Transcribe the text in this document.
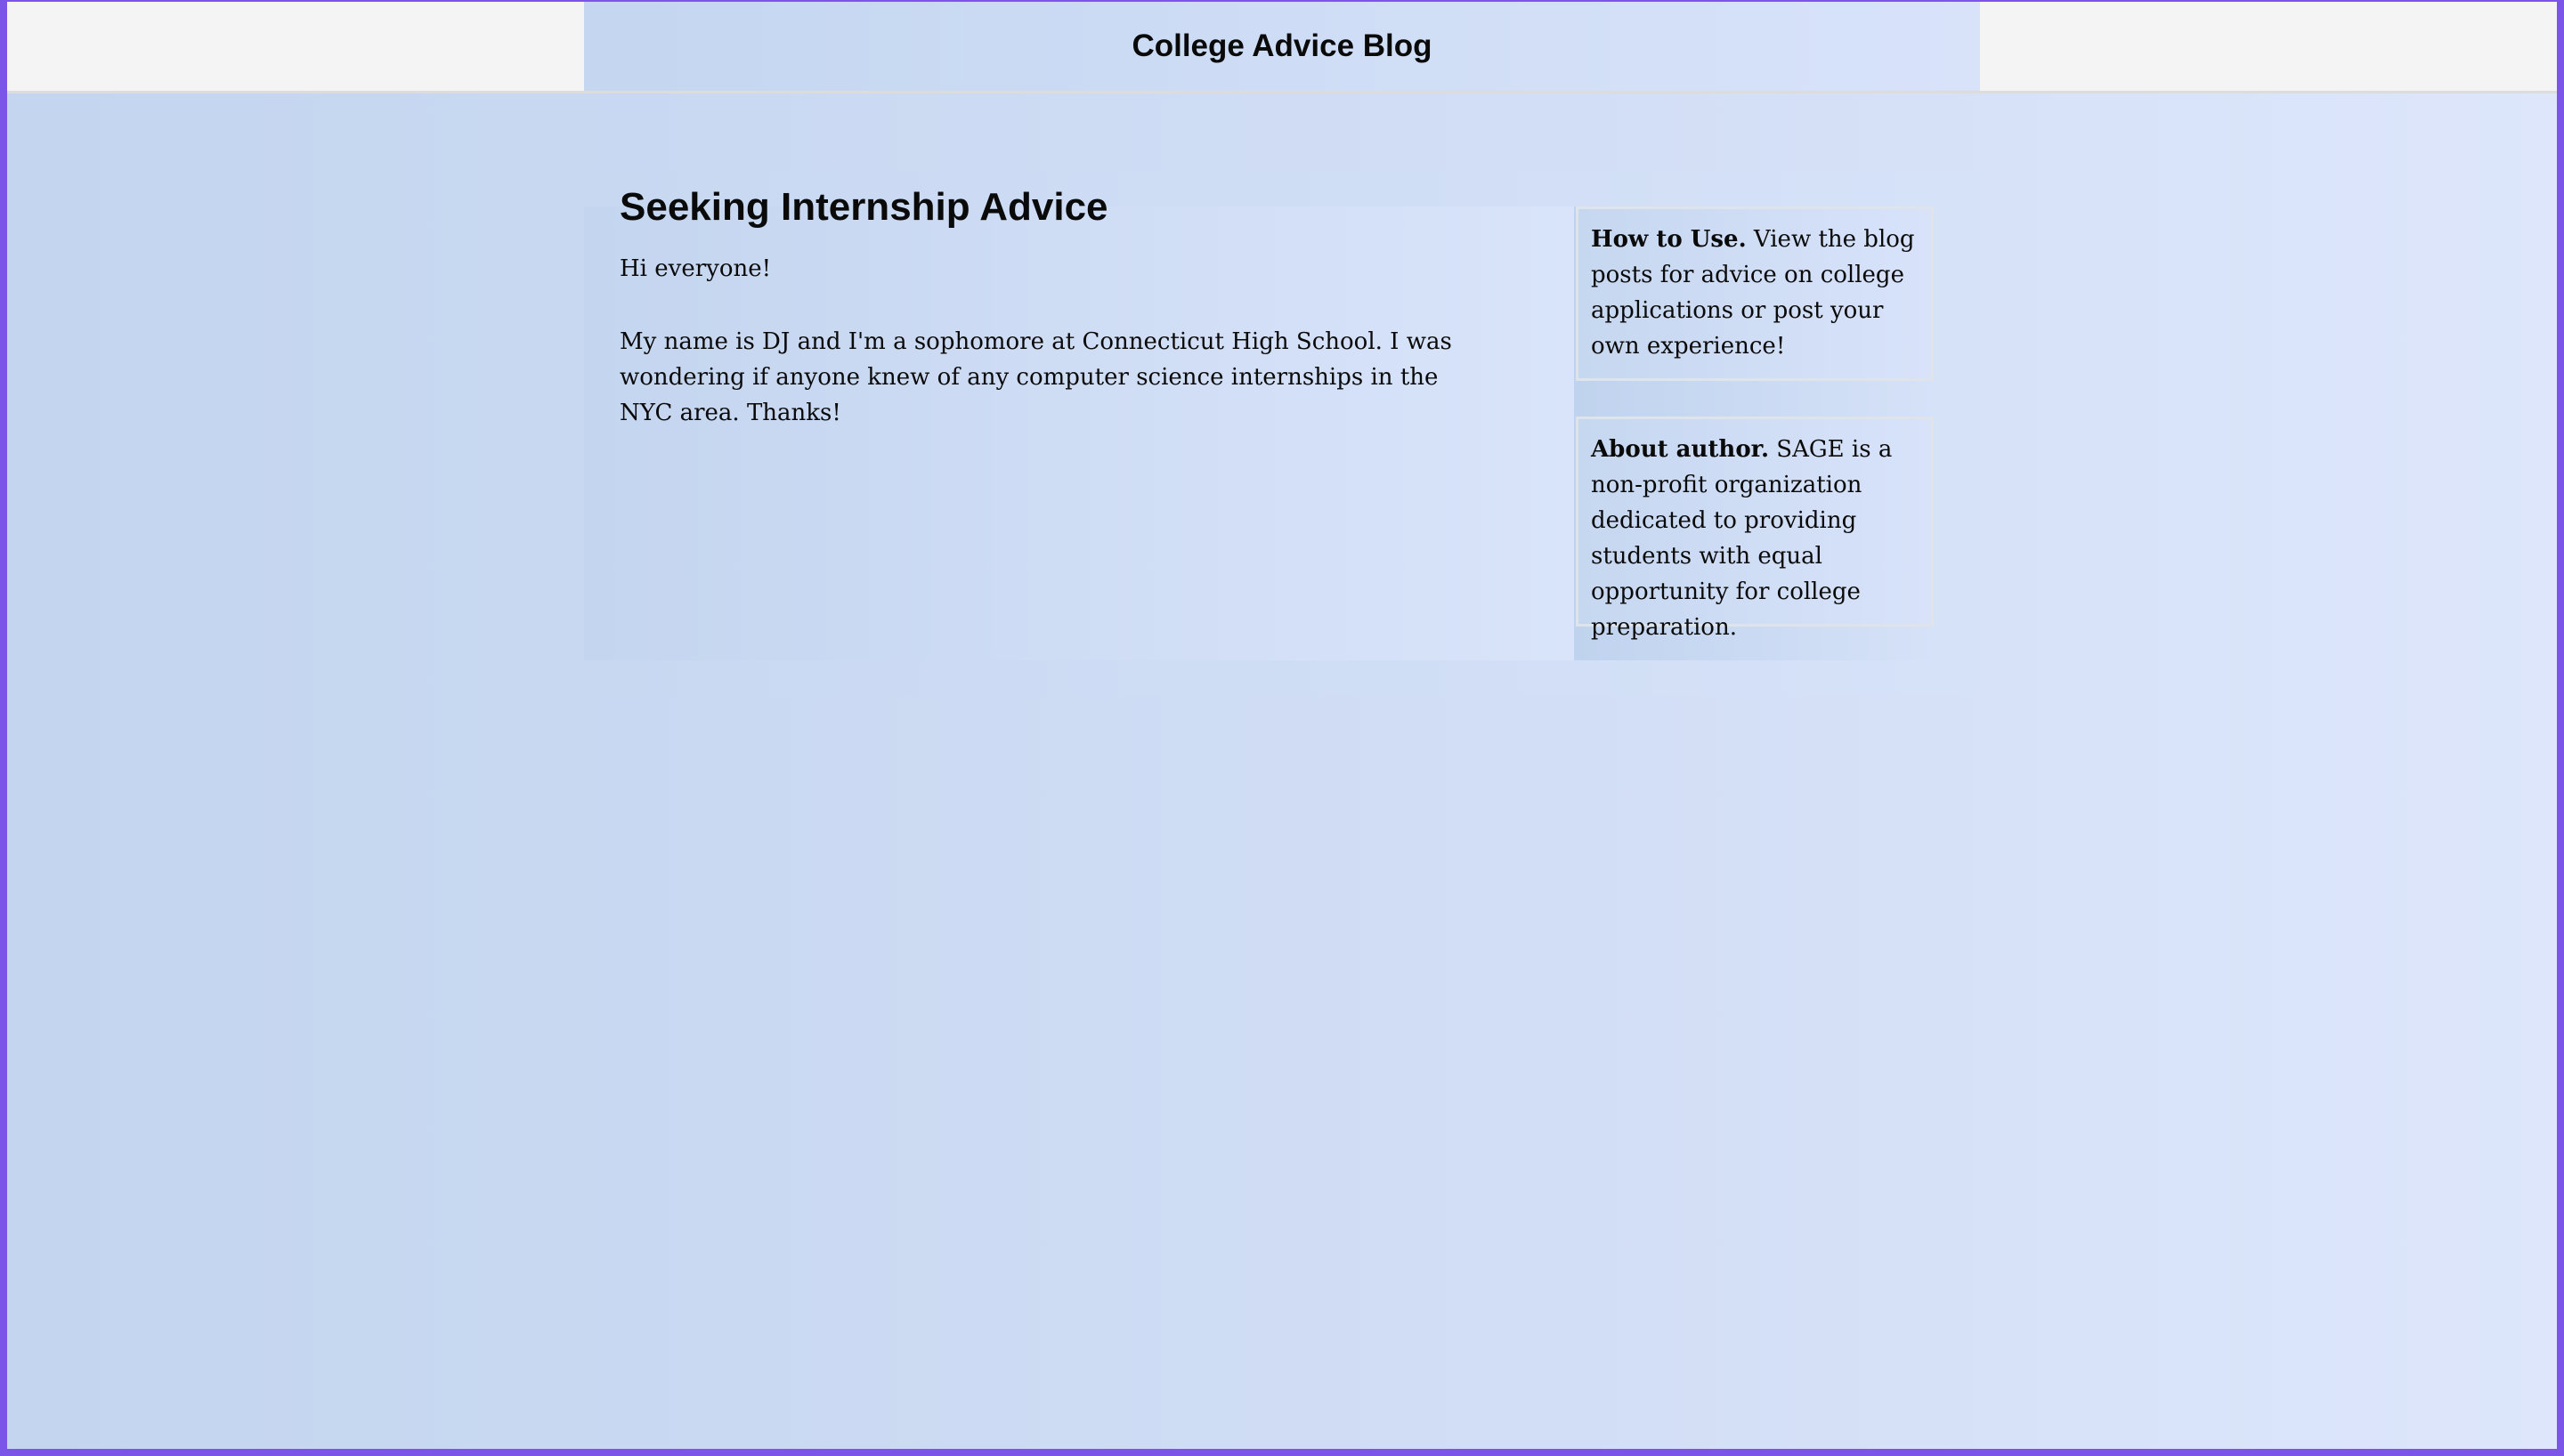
College Advice Blog
Seeking Internship Advice

Hi everyone!

My name is DJ and I'm a sophomore at Connecticut High School. I was wondering if anyone knew of any computer science internships in the NYC area. Thanks!

How to Use. View the blog posts for advice on college applications or post your own experience!
About author. SAGE is a non-profit organization dedicated to providing students with equal opportunity for college preparation.
